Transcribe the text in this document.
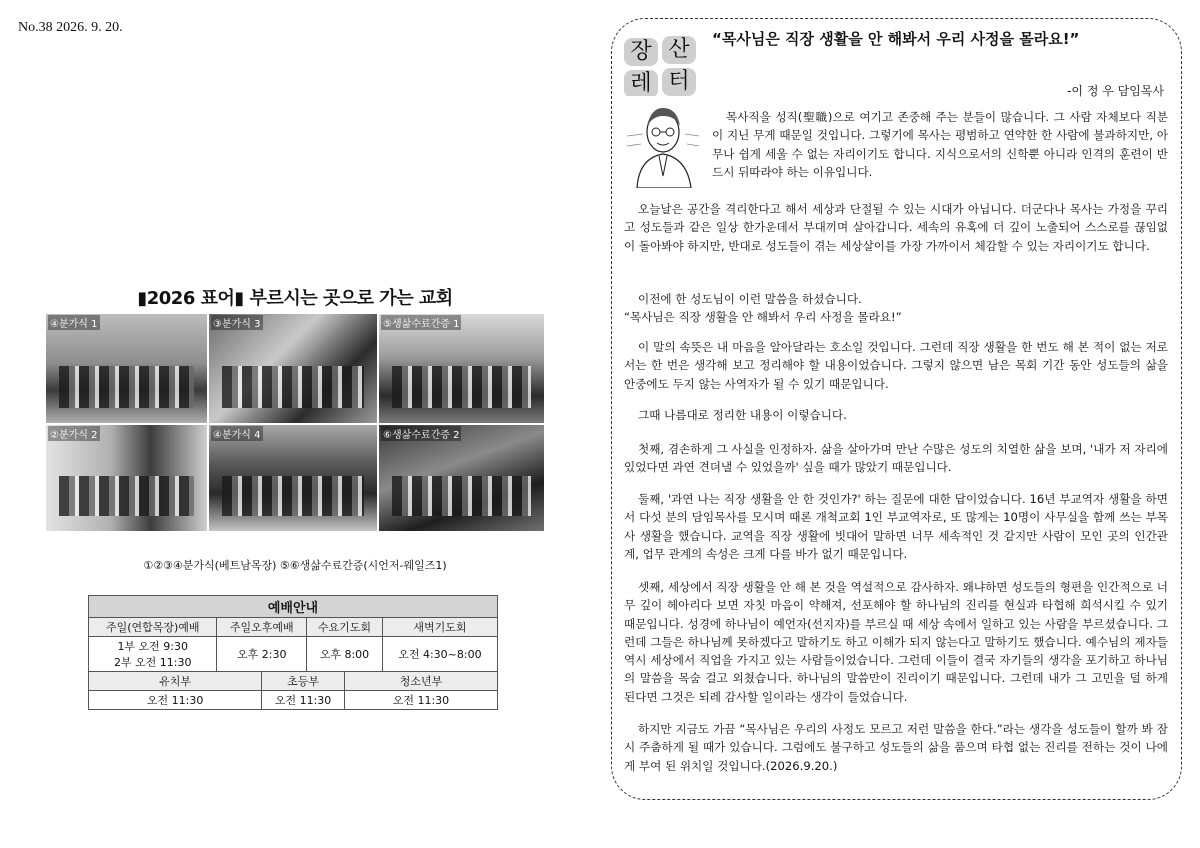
No.38 2026. 9. 20.
▮2026 표어▮ 부르시는 곳으로 가는 교회
④분가식 1	③분가식 3	⑤생삶수료간증 1
②분가식 2	④분가식 4	⑥생삶수료간증 2
①②③④분가식(베트남목장) ⑤⑥생삶수료간증(시언저-웨일즈1)
예배안내					
주일(연합목장)예배	주일오후예배		수요기도회		새벽기도회

1부 오전 9:30
2부 오전 11:30	오후 2:30		오후 8:00		오전 4:30~8:00
유치부		초등부		청소년부	
오전 11:30		오전 11:30		오전 11:30	
장 산
레 터
“목사님은 직장 생활을 안 해봐서 우리 사정을 몰라요!”
-이 정 우 담임목사

목사직을 성직(聖職)으로 여기고 존중해 주는 분들이 많습니다. 그 사람 자체보다 직분이 지닌 무게 때문일 것입니다. 그렇기에 목사는 평범하고 연약한 한 사람에 불과하지만, 아무나 쉽게 세울 수 없는 자리이기도 합니다. 지식으로서의 신학뿐 아니라 인격의 훈련이 반드시 뒤따라야 하는 이유입니다.

오늘날은 공간을 격리한다고 해서 세상과 단절될 수 있는 시대가 아닙니다. 더군다나 목사는 가정을 꾸리고 성도들과 같은 일상 한가운데서 부대끼며 살아갑니다. 세속의 유혹에 더 깊이 노출되어 스스로를 끊임없이 돌아봐야 하지만, 반대로 성도들이 겪는 세상살이를 가장 가까이서 체감할 수 있는 자리이기도 합니다.

이전에 한 성도님이 이런 말씀을 하셨습니다.
“목사님은 직장 생활을 안 해봐서 우리 사정을 몰라요!”

이 말의 속뜻은 내 마음을 알아달라는 호소일 것입니다. 그런데 직장 생활을 한 번도 해 본 적이 없는 저로서는 한 번은 생각해 보고 정리해야 할 내용이었습니다. 그렇지 않으면 남은 목회 기간 동안 성도들의 삶을 안중에도 두지 않는 사역자가 될 수 있기 때문입니다.

그때 나름대로 정리한 내용이 이렇습니다.

첫째, 겸손하게 그 사실을 인정하자. 삶을 살아가며 만난 수많은 성도의 치열한 삶을 보며, '내가 저 자리에 있었다면 과연 견뎌낼 수 있었을까' 싶을 때가 많았기 때문입니다.

둘째, '과연 나는 직장 생활을 안 한 것인가?' 하는 질문에 대한 답이었습니다. 16년 부교역자 생활을 하면서 다섯 분의 담임목사를 모시며 때론 개척교회 1인 부교역자로, 또 많게는 10명이 사무실을 함께 쓰는 부목사 생활을 했습니다. 교역을 직장 생활에 빗대어 말하면 너무 세속적인 것 같지만 사람이 모인 곳의 인간관계, 업무 관계의 속성은 크게 다를 바가 없기 때문입니다.

셋째, 세상에서 직장 생활을 안 해 본 것을 역설적으로 감사하자. 왜냐하면 성도들의 형편을 인간적으로 너무 깊이 헤아리다 보면 자칫 마음이 약해져, 선포해야 할 하나님의 진리를 현실과 타협해 희석시킬 수 있기 때문입니다. 성경에 하나님이 예언자(선지자)를 부르실 때 세상 속에서 일하고 있는 사람을 부르셨습니다. 그런데 그들은 하나님께 못하겠다고 말하기도 하고 이해가 되지 않는다고 말하기도 했습니다. 예수님의 제자들 역시 세상에서 직업을 가지고 있는 사람들이었습니다. 그런데 이들이 결국 자기들의 생각을 포기하고 하나님의 말씀을 목숨 걸고 외쳤습니다. 하나님의 말씀만이 진리이기 때문입니다. 그런데 내가 그 고민을 덜 하게 된다면 그것은 되레 감사할 일이라는 생각이 들었습니다.

하지만 지금도 가끔 “목사님은 우리의 사정도 모르고 저런 말씀을 한다.”라는 생각을 성도들이 할까 봐 잠시 주춤하게 될 때가 있습니다. 그럼에도 불구하고 성도들의 삶을 품으며 타협 없는 진리를 전하는 것이 나에게 부여 된 위치일 것입니다.(2026.9.20.)
